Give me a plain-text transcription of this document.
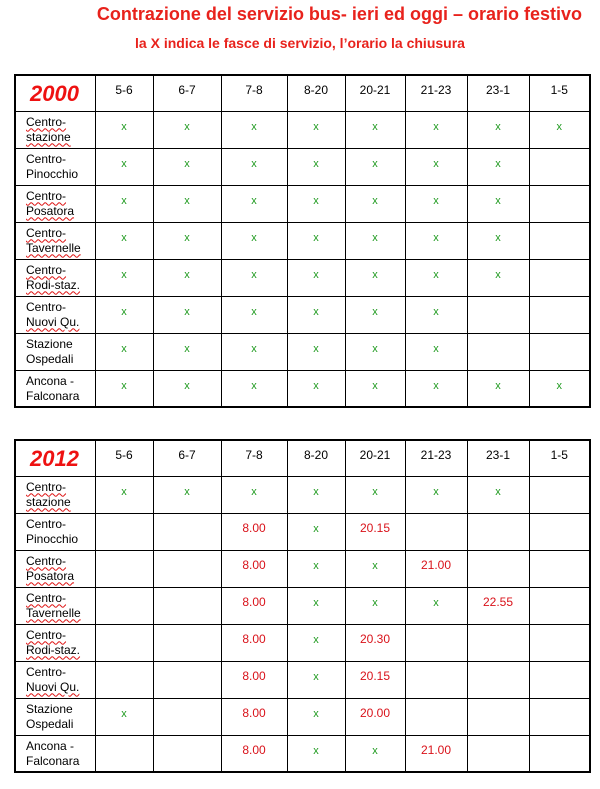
Contrazione del servizio bus- ieri ed oggi – orario festivo
la X indica le fasce di servizio, l’orario la chiusura
2000	5-6	6-7	7-8	8-20	20-21	21-23	23-1	1-5
Centro-
stazione	x	x	x	x	x	x	x	x
Centro-
Pinocchio	x	x	x	x	x	x	x	
Centro-
Posatora	x	x	x	x	x	x	x	
Centro-
Tavernelle	x	x	x	x	x	x	x	
Centro-
Rodi-staz.	x	x	x	x	x	x	x	
Centro-
Nuovi Qu.	x	x	x	x	x	x		
Stazione
Ospedali	x	x	x	x	x	x		
Ancona -
Falconara	x	x	x	x	x	x	x	x
2012	5-6	6-7	7-8	8-20	20-21	21-23	23-1	1-5
Centro-
stazione	x	x	x	x	x	x	x	
Centro-
Pinocchio			8.00	x	20.15			
Centro-
Posatora			8.00	x	x	21.00		
Centro-
Tavernelle			8.00	x	x	x	22.55	
Centro-
Rodi-staz.			8.00	x	20.30			
Centro-
Nuovi Qu.			8.00	x	20.15			
Stazione
Ospedali	x		8.00	x	20.00			
Ancona -
Falconara			8.00	x	x	21.00		
